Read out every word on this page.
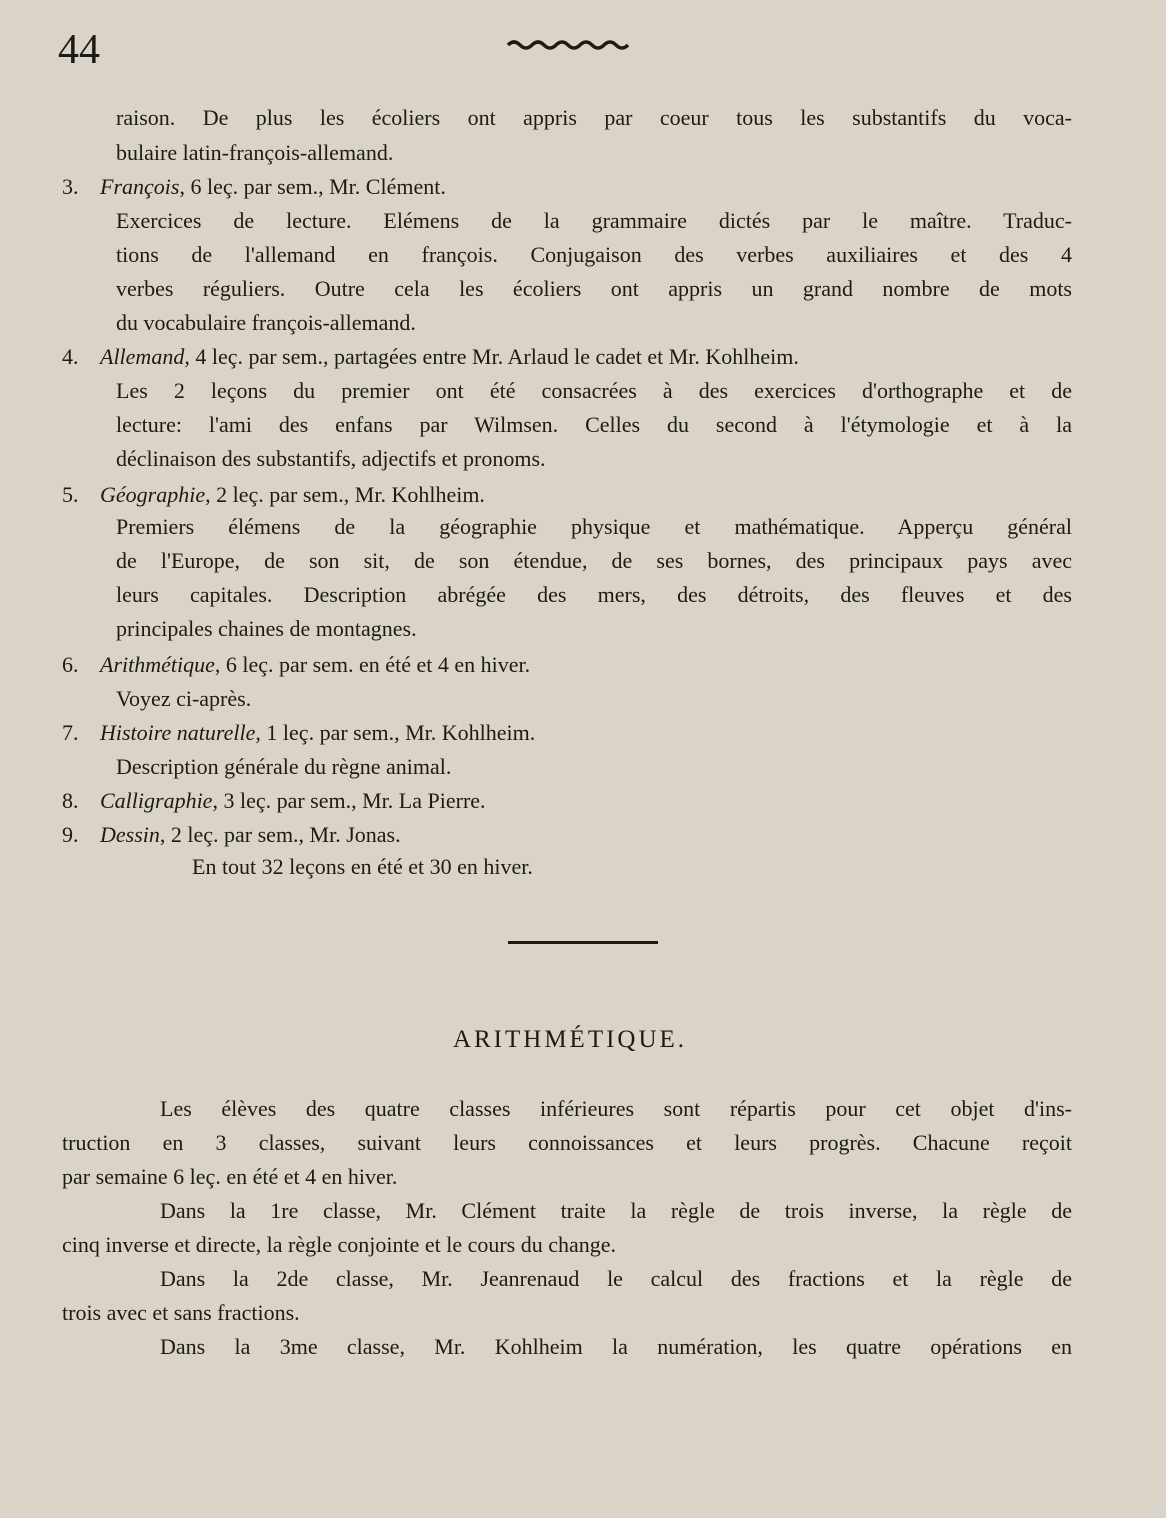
44
raison. De plus les écoliers ont appris par coeur tous les substantifs du voca-
bulaire latin-françois-allemand.
3. François, 6 leç. par sem., Mr. Clément.
Exercices de lecture. Elémens de la grammaire dictés par le maître. Traduc-
tions de l'allemand en françois. Conjugaison des verbes auxiliaires et des 4
verbes réguliers. Outre cela les écoliers ont appris un grand nombre de mots
du vocabulaire françois-allemand.
4. Allemand, 4 leç. par sem., partagées entre Mr. Arlaud le cadet et Mr. Kohlheim.
Les 2 leçons du premier ont été consacrées à des exercices d'orthographe et de
lecture: l'ami des enfans par Wilmsen. Celles du second à l'étymologie et à la
déclinaison des substantifs, adjectifs et pronoms.
5. Géographie, 2 leç. par sem., Mr. Kohlheim.
Premiers élémens de la géographie physique et mathématique. Apperçu général
de l'Europe, de son sit, de son étendue, de ses bornes, des principaux pays avec
leurs capitales. Description abrégée des mers, des détroits, des fleuves et des
principales chaines de montagnes.
6. Arithmétique, 6 leç. par sem. en été et 4 en hiver.
Voyez ci-après.
7. Histoire naturelle, 1 leç. par sem., Mr. Kohlheim.
Description générale du règne animal.
8. Calligraphie, 3 leç. par sem., Mr. La Pierre.
9. Dessin, 2 leç. par sem., Mr. Jonas.
En tout 32 leçons en été et 30 en hiver.
ARITHMÉTIQUE.
Les élèves des quatre classes inférieures sont répartis pour cet objet d'ins-
truction en 3 classes, suivant leurs connoissances et leurs progrès. Chacune reçoit
par semaine 6 leç. en été et 4 en hiver.
Dans la 1re classe, Mr. Clément traite la règle de trois inverse, la règle de
cinq inverse et directe, la règle conjointe et le cours du change.
Dans la 2de classe, Mr. Jeanrenaud le calcul des fractions et la règle de
trois avec et sans fractions.
Dans la 3me classe, Mr. Kohlheim la numération, les quatre opérations en
